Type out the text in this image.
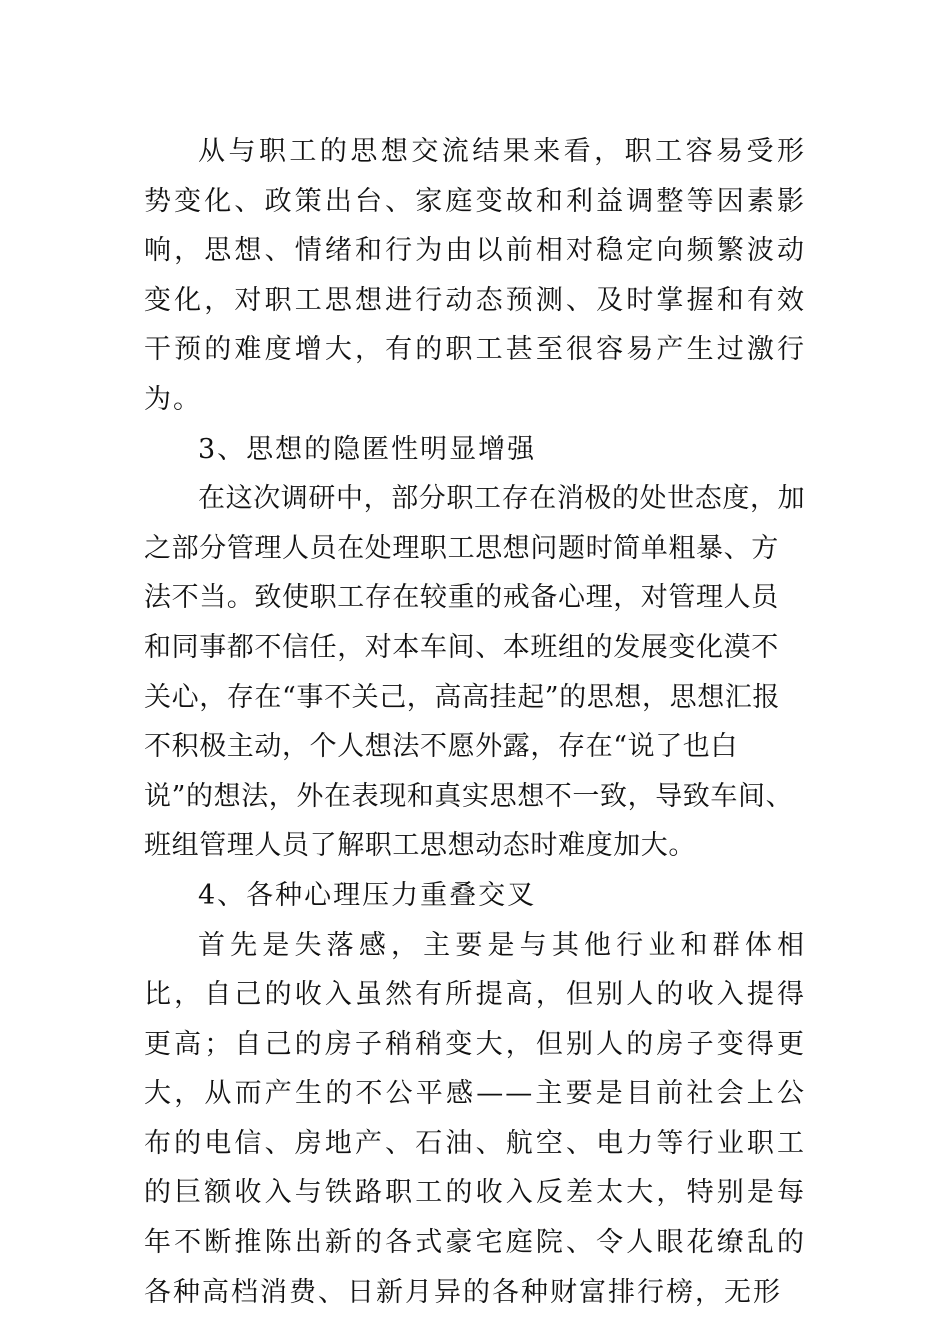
从与职工的思想交流结果来看，职工容易受形势变化、政策出台、家庭变故和利益调整等因素影响，思想、情绪和行为由以前相对稳定向频繁波动变化，对职工思想进行动态预测、及时掌握和有效干预的难度增大，有的职工甚至很容易产生过激行为。

3、思想的隐匿性明显增强

在这次调研中，部分职工存在消极的处世态度，加之部分管理人员在处理职工思想问题时简单粗暴、方法不当。致使职工存在较重的戒备心理，对管理人员和同事都不信任，对本车间、本班组的发展变化漠不关心，存在“事不关己，高高挂起”的思想，思想汇报不积极主动，个人想法不愿外露，存在“说了也白说”的想法，外在表现和真实思想不一致，导致车间、班组管理人员了解职工思想动态时难度加大。

4、各种心理压力重叠交叉

首先是失落感，主要是与其他行业和群体相比，自己的收入虽然有所提高，但别人的收入提得更高；自己的房子稍稍变大，但别人的房子变得更大，从而产生的不公平感——主要是目前社会上公布的电信、房地产、石油、航空、电力等行业职工的巨额收入与铁路职工的收入反差太大，特别是每年不断推陈出新的各式豪宅庭院、令人眼花缭乱的各种高档消费、日新月异的各种财富排行榜，无形
